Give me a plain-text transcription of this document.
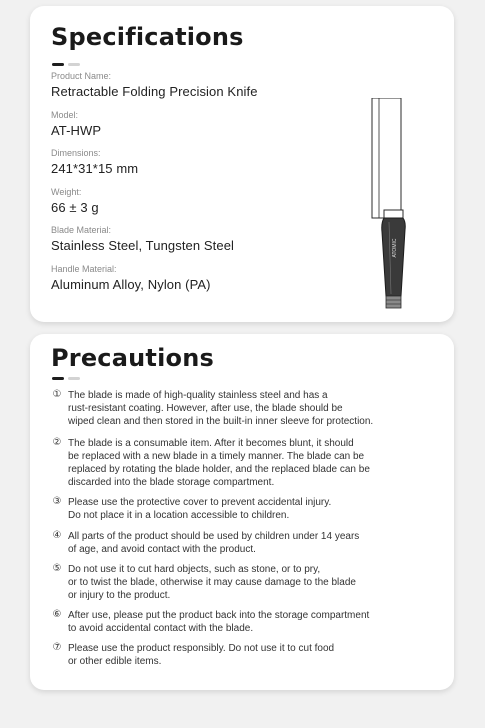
Specifications
Product Name:
Retractable Folding Precision Knife
Model:
AT-HWP
Dimensions:
241*31*15 mm
Weight:
66 ± 3 g
Blade Material:
Stainless Steel, Tungsten Steel
Handle Material:
Aluminum Alloy, Nylon (PA)
ATOMIC
Precautions
① The blade is made of high-quality stainless steel and has a
rust-resistant coating. However, after use, the blade should be
wiped clean and then stored in the built-in inner sleeve for protection.
② The blade is a consumable item. After it becomes blunt, it should
be replaced with a new blade in a timely manner. The blade can be
replaced by rotating the blade holder, and the replaced blade can be
discarded into the blade storage compartment.
③ Please use the protective cover to prevent accidental injury.
Do not place it in a location accessible to children.
④ All parts of the product should be used by children under 14 years
of age, and avoid contact with the product.
⑤ Do not use it to cut hard objects, such as stone, or to pry,
or to twist the blade, otherwise it may cause damage to the blade
or injury to the product.
⑥ After use, please put the product back into the storage compartment
to avoid accidental contact with the blade.
⑦ Please use the product responsibly. Do not use it to cut food
or other edible items.
